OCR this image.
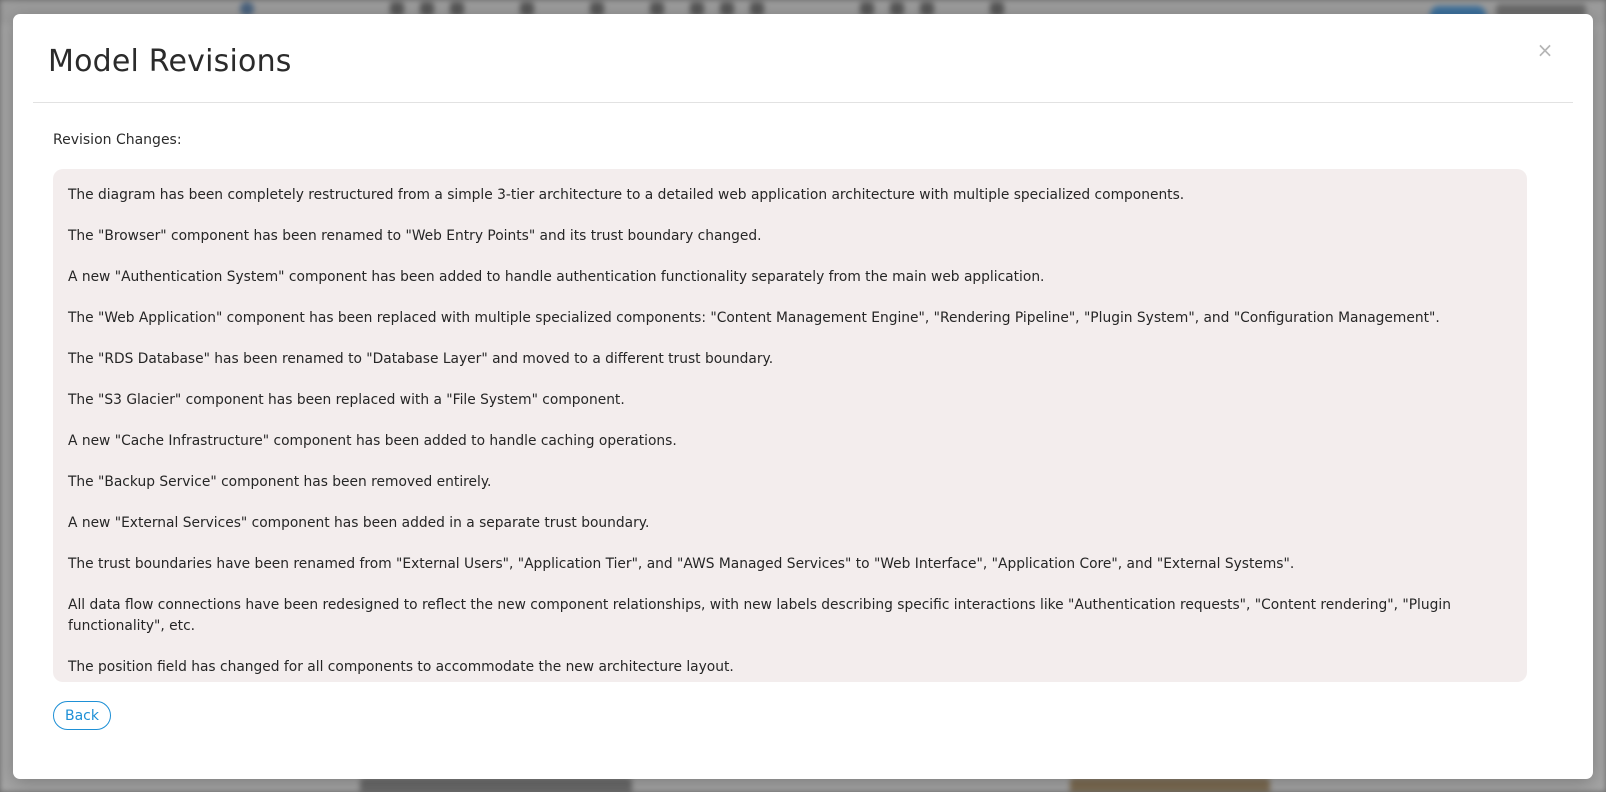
Model Revisions	×
Revision Changes:

The diagram has been completely restructured from a simple 3-tier architecture to a detailed web application architecture with multiple specialized components.

The "Browser" component has been renamed to "Web Entry Points" and its trust boundary changed.

A new "Authentication System" component has been added to handle authentication functionality separately from the main web application.

The "Web Application" component has been replaced with multiple specialized components: "Content Management Engine", "Rendering Pipeline", "Plugin System", and "Configuration Management".

The "RDS Database" has been renamed to "Database Layer" and moved to a different trust boundary.

The "S3 Glacier" component has been replaced with a "File System" component.

A new "Cache Infrastructure" component has been added to handle caching operations.

The "Backup Service" component has been removed entirely.

A new "External Services" component has been added in a separate trust boundary.

The trust boundaries have been renamed from "External Users", "Application Tier", and "AWS Managed Services" to "Web Interface", "Application Core", and "External Systems".

All data flow connections have been redesigned to reflect the new component relationships, with new labels describing specific interactions like "Authentication requests", "Content rendering", "Plugin functionality", etc.

The position field has changed for all components to accommodate the new architecture layout.

Back
